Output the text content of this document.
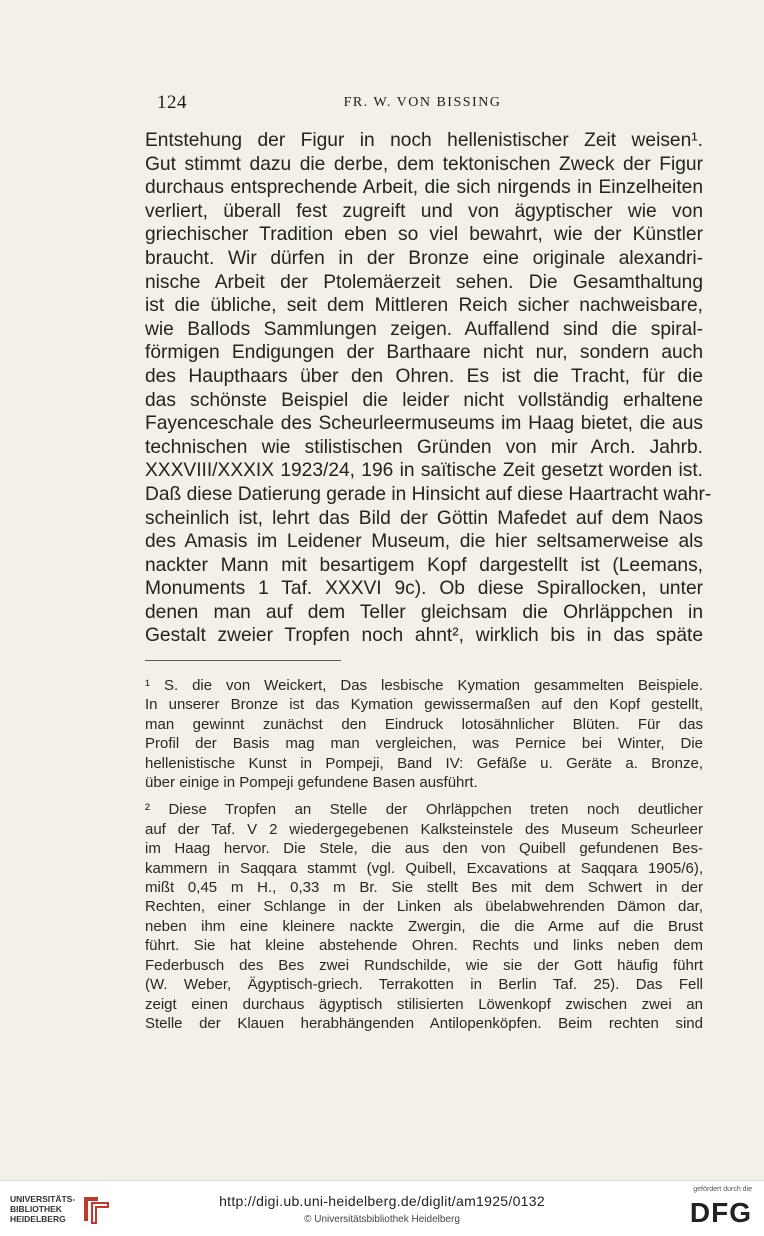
124	FR. W. VON BISSING
Entstehung der Figur in noch hellenistischer Zeit weisen¹.
Gut stimmt dazu die derbe, dem tektonischen Zweck der Figur
durchaus entsprechende Arbeit, die sich nirgends in Einzelheiten
verliert, überall fest zugreift und von ägyptischer wie von
griechischer Tradition eben so viel bewahrt, wie der Künstler
braucht. Wir dürfen in der Bronze eine originale alexandri-
nische Arbeit der Ptolemäerzeit sehen. Die Gesamthaltung
ist die übliche, seit dem Mittleren Reich sicher nachweisbare,
wie Ballods Sammlungen zeigen. Auffallend sind die spiral-
förmigen Endigungen der Barthaare nicht nur, sondern auch
des Haupthaars über den Ohren. Es ist die Tracht, für die
das schönste Beispiel die leider nicht vollständig erhaltene
Fayenceschale des Scheurleermuseums im Haag bietet, die aus
technischen wie stilistischen Gründen von mir Arch. Jahrb.
XXXVIII/XXXIX 1923/24, 196 in saïtische Zeit gesetzt worden ist.
Daß diese Datierung gerade in Hinsicht auf diese Haartracht wahr-
scheinlich ist, lehrt das Bild der Göttin Mafedet auf dem Naos
des Amasis im Leidener Museum, die hier seltsamerweise als
nackter Mann mit besartigem Kopf dargestellt ist (Leemans,
Monuments 1 Taf. XXXVI 9c). Ob diese Spirallocken, unter
denen man auf dem Teller gleichsam die Ohrläppchen in
Gestalt zweier Tropfen noch ahnt², wirklich bis in das späte
¹ S. die von Weickert, Das lesbische Kymation gesammelten Beispiele.
In unserer Bronze ist das Kymation gewissermaßen auf den Kopf gestellt,
man gewinnt zunächst den Eindruck lotosähnlicher Blüten. Für das
Profil der Basis mag man vergleichen, was Pernice bei Winter, Die
hellenistische Kunst in Pompeji, Band IV: Gefäße u. Geräte a. Bronze,
über einige in Pompeji gefundene Basen ausführt.
² Diese Tropfen an Stelle der Ohrläppchen treten noch deutlicher
auf der Taf. V 2 wiedergegebenen Kalksteinstele des Museum Scheurleer
im Haag hervor. Die Stele, die aus den von Quibell gefundenen Bes-
kammern in Saqqara stammt (vgl. Quibell, Excavations at Saqqara 1905/6),
mißt 0,45 m H., 0,33 m Br. Sie stellt Bes mit dem Schwert in der
Rechten, einer Schlange in der Linken als übelabwehrenden Dämon dar,
neben ihm eine kleinere nackte Zwergin, die die Arme auf die Brust
führt. Sie hat kleine abstehende Ohren. Rechts und links neben dem
Federbusch des Bes zwei Rundschilde, wie sie der Gott häufig führt
(W. Weber, Ägyptisch-griech. Terrakotten in Berlin Taf. 25). Das Fell
zeigt einen durchaus ägyptisch stilisierten Löwenkopf zwischen zwei an
Stelle der Klauen herabhängenden Antilopenköpfen. Beim rechten sind
UNIVERSITÄTS-
BIBLIOTHEK
HEIDELBERG
http://digi.ub.uni-heidelberg.de/diglit/am1925/0132
© Universitätsbibliothek Heidelberg
gefördert durch die
DFG
